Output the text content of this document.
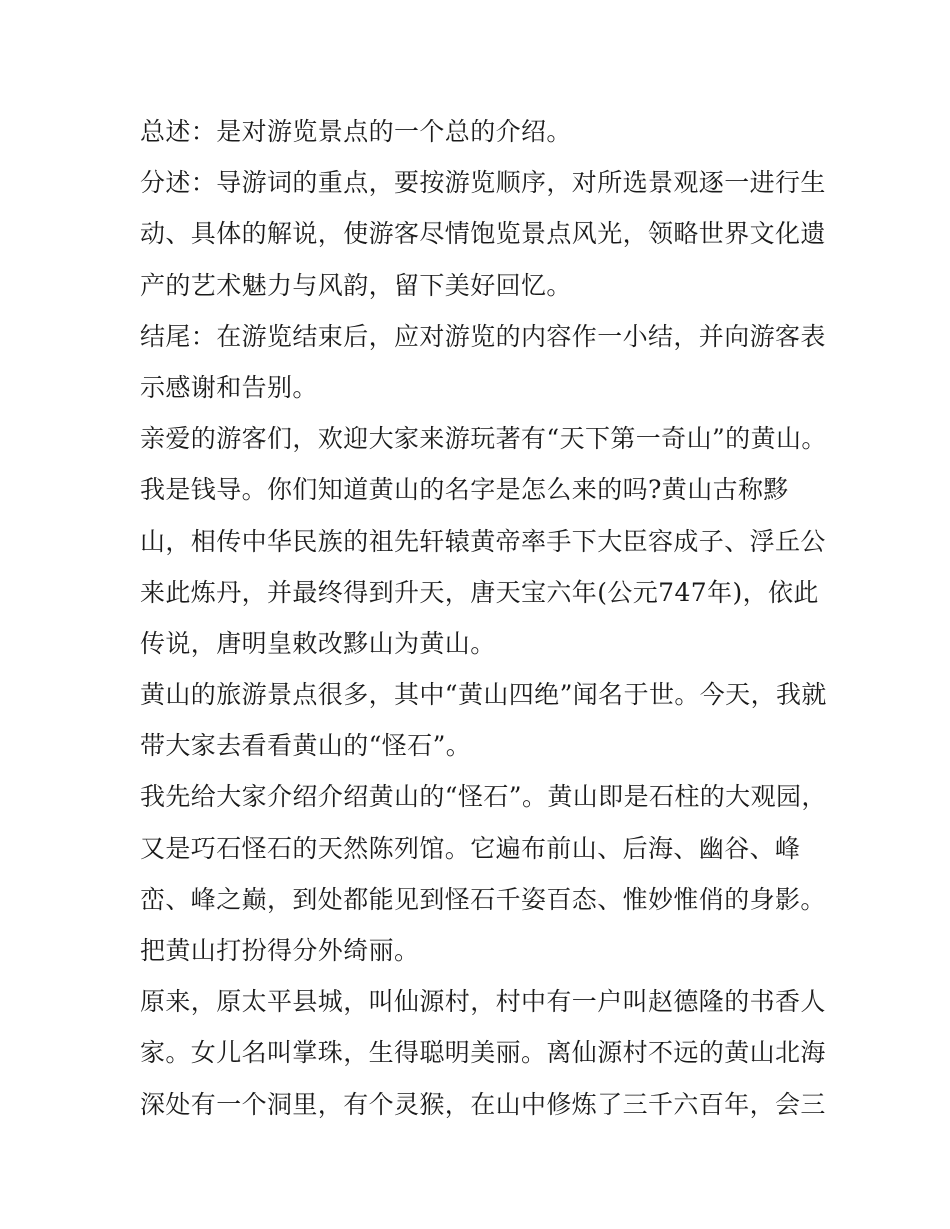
总述：是对游览景点的一个总的介绍。
分述：导游词的重点，要按游览顺序，对所选景观逐一进行生
动、具体的解说，使游客尽情饱览景点风光，领略世界文化遗
产的艺术魅力与风韵，留下美好回忆。
结尾：在游览结束后，应对游览的内容作一小结，并向游客表
示感谢和告别。
亲爱的游客们，欢迎大家来游玩著有“天下第一奇山”的黄山。
我是钱导。你们知道黄山的名字是怎么来的吗?黄山古称黟
山，相传中华民族的祖先轩辕黄帝率手下大臣容成子、浮丘公
来此炼丹，并最终得到升天，唐天宝六年(公元747年)，依此
传说，唐明皇敕改黟山为黄山。
黄山的旅游景点很多，其中“黄山四绝”闻名于世。今天，我就
带大家去看看黄山的“怪石”。
我先给大家介绍介绍黄山的“怪石”。黄山即是石柱的大观园，
又是巧石怪石的天然陈列馆。它遍布前山、后海、幽谷、峰
峦、峰之巅，到处都能见到怪石千姿百态、惟妙惟俏的身影。
把黄山打扮得分外绮丽。
原来，原太平县城，叫仙源村，村中有一户叫赵德隆的书香人
家。女儿名叫掌珠，生得聪明美丽。离仙源村不远的黄山北海
深处有一个洞里，有个灵猴，在山中修炼了三千六百年，会三
